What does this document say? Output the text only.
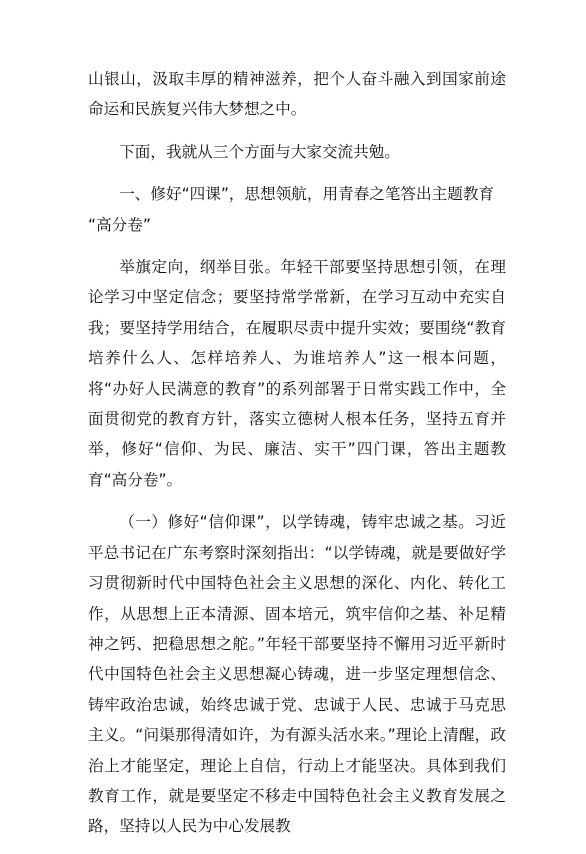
山银山，汲取丰厚的精神滋养，把个人奋斗融入到国家前途命运和民族复兴伟大梦想之中。

下面，我就从三个方面与大家交流共勉。

一、修好“四课”，思想领航，用青春之笔答出主题教育
“高分卷”

举旗定向，纲举目张。年轻干部要坚持思想引领，在理论学习中坚定信念；要坚持常学常新，在学习互动中充实自我；要坚持学用结合，在履职尽责中提升实效；要围绕“教育培养什么人、怎样培养人、为谁培养人”这一根本问题，将“办好人民满意的教育”的系列部署于日常实践工作中，全面贯彻党的教育方针，落实立德树人根本任务，坚持五育并举，修好“信仰、为民、廉洁、实干”四门课，答出主题教育“高分卷”。

（一）修好“信仰课”，以学铸魂，铸牢忠诚之基。习近平总书记在广东考察时深刻指出：“以学铸魂，就是要做好学习贯彻新时代中国特色社会主义思想的深化、内化、转化工作，从思想上正本清源、固本培元，筑牢信仰之基、补足精神之钙、把稳思想之舵。”年轻干部要坚持不懈用习近平新时代中国特色社会主义思想凝心铸魂，进一步坚定理想信念、铸牢政治忠诚，始终忠诚于党、忠诚于人民、忠诚于马克思主义。“问渠那得清如许，为有源头活水来。”理论上清醒，政治上才能坚定，理论上自信，行动上才能坚决。具体到我们教育工作，就是要坚定不移走中国特色社会主义教育发展之路，坚持以人民为中心发展教
